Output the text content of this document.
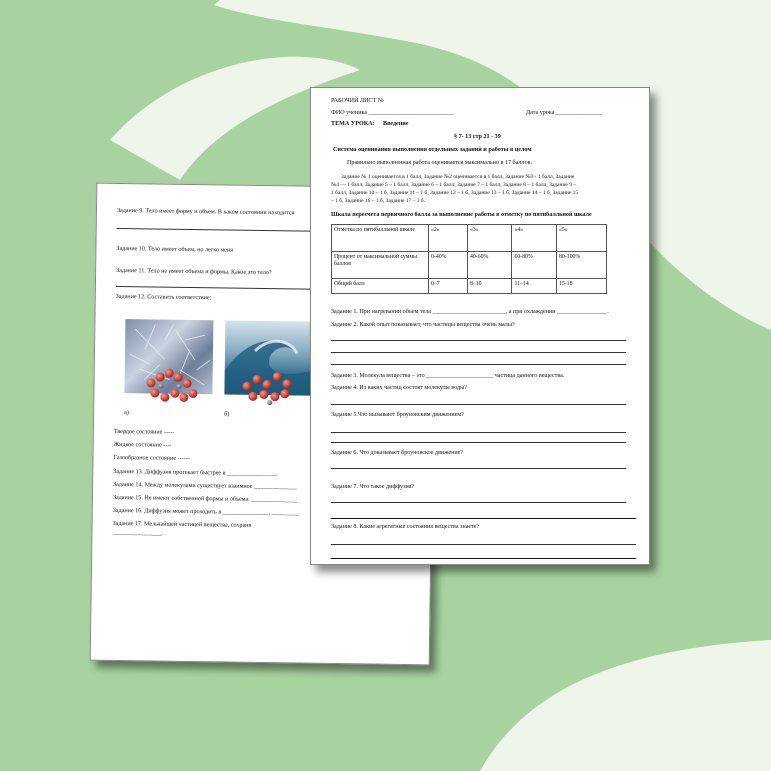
Задание 9. Тело имеет форму и объем. В каком состоянии находится
Задание 10. Тело имеет объем, но легко меня
Задание 11. Тело не имеет объема и формы. Какое это тело?
Задание 12. Составить соответствие:
а)	б)
Твердое состояние -----
Жидкое состояние ----
Газообразное состояние ------
Задание 13. Диффузия протекает быстрее в ________________.
Задание 14. Между молекулами существует взаимное ______________
Задание 15. Не имеют собственной формы и объема: _______________
Задание 16. Диффузия может проходить в _______________, _________
Задание 17. Мельчайшей частицей вещества, сохраня
________________.
РАБОЧИЙ ЛИСТ №
ФИО ученика ____________________________	Дата урока _______________
ТЕМА УРОКА: Введение
§ 7- 13 стр 21 - 39
Система оценивания выполнения отдельных заданий и работы в целом
Правильно выполненная работа оценивается максимально в 17 баллов.
Задание № 1 оценивается в 1 балл, Задание №2 оценивается в 1 балл, Задание №3 - 1 балл, Задание
№4 — 1 балл, Задание 5 – 1 балл, Задание 6 – 1 балл, Задание 7 – 1 балл, Задание 8 – 1 балл, Задание 9 –
1 балл, Задание 10 – 1 б, Задание 11 – 1 б, Задание 12 – 1 б, Задание 13 – 1 б, Задание 14 – 1 б, Задание 15
– 1 б, Задание 16 – 1 б, Задание 17 – 1 б.
Шкала пересчета первичного балла за выполнение работы в отметку по пятибалльной шкале
Отметка по пятибалльной шкале	«2»	«3»	«4»	«5»
Процент от максимальной суммы баллов	0-40%	40-60%	60-80%	80-100%
Общий балл	0–7	8–10	11–14	15-18
Задание 1. При нагревании объем тела ________________________, а при охлаждении ________________ .
Задание 2. Какой опыт показывает, что частицы вещества очень малы?
Задание 3. Молекула вещества – это ______________________ частица данного вещества.
Задание 4. Из каких частиц состоят молекулы воды?
Задание 5.Что вызывают броуновским движением?
Задание 6. Что доказывает броуновское движение?
Задание 7. Что такое диффузия?
Задание 8. Какие агрегатные состояния вещества знаете?
